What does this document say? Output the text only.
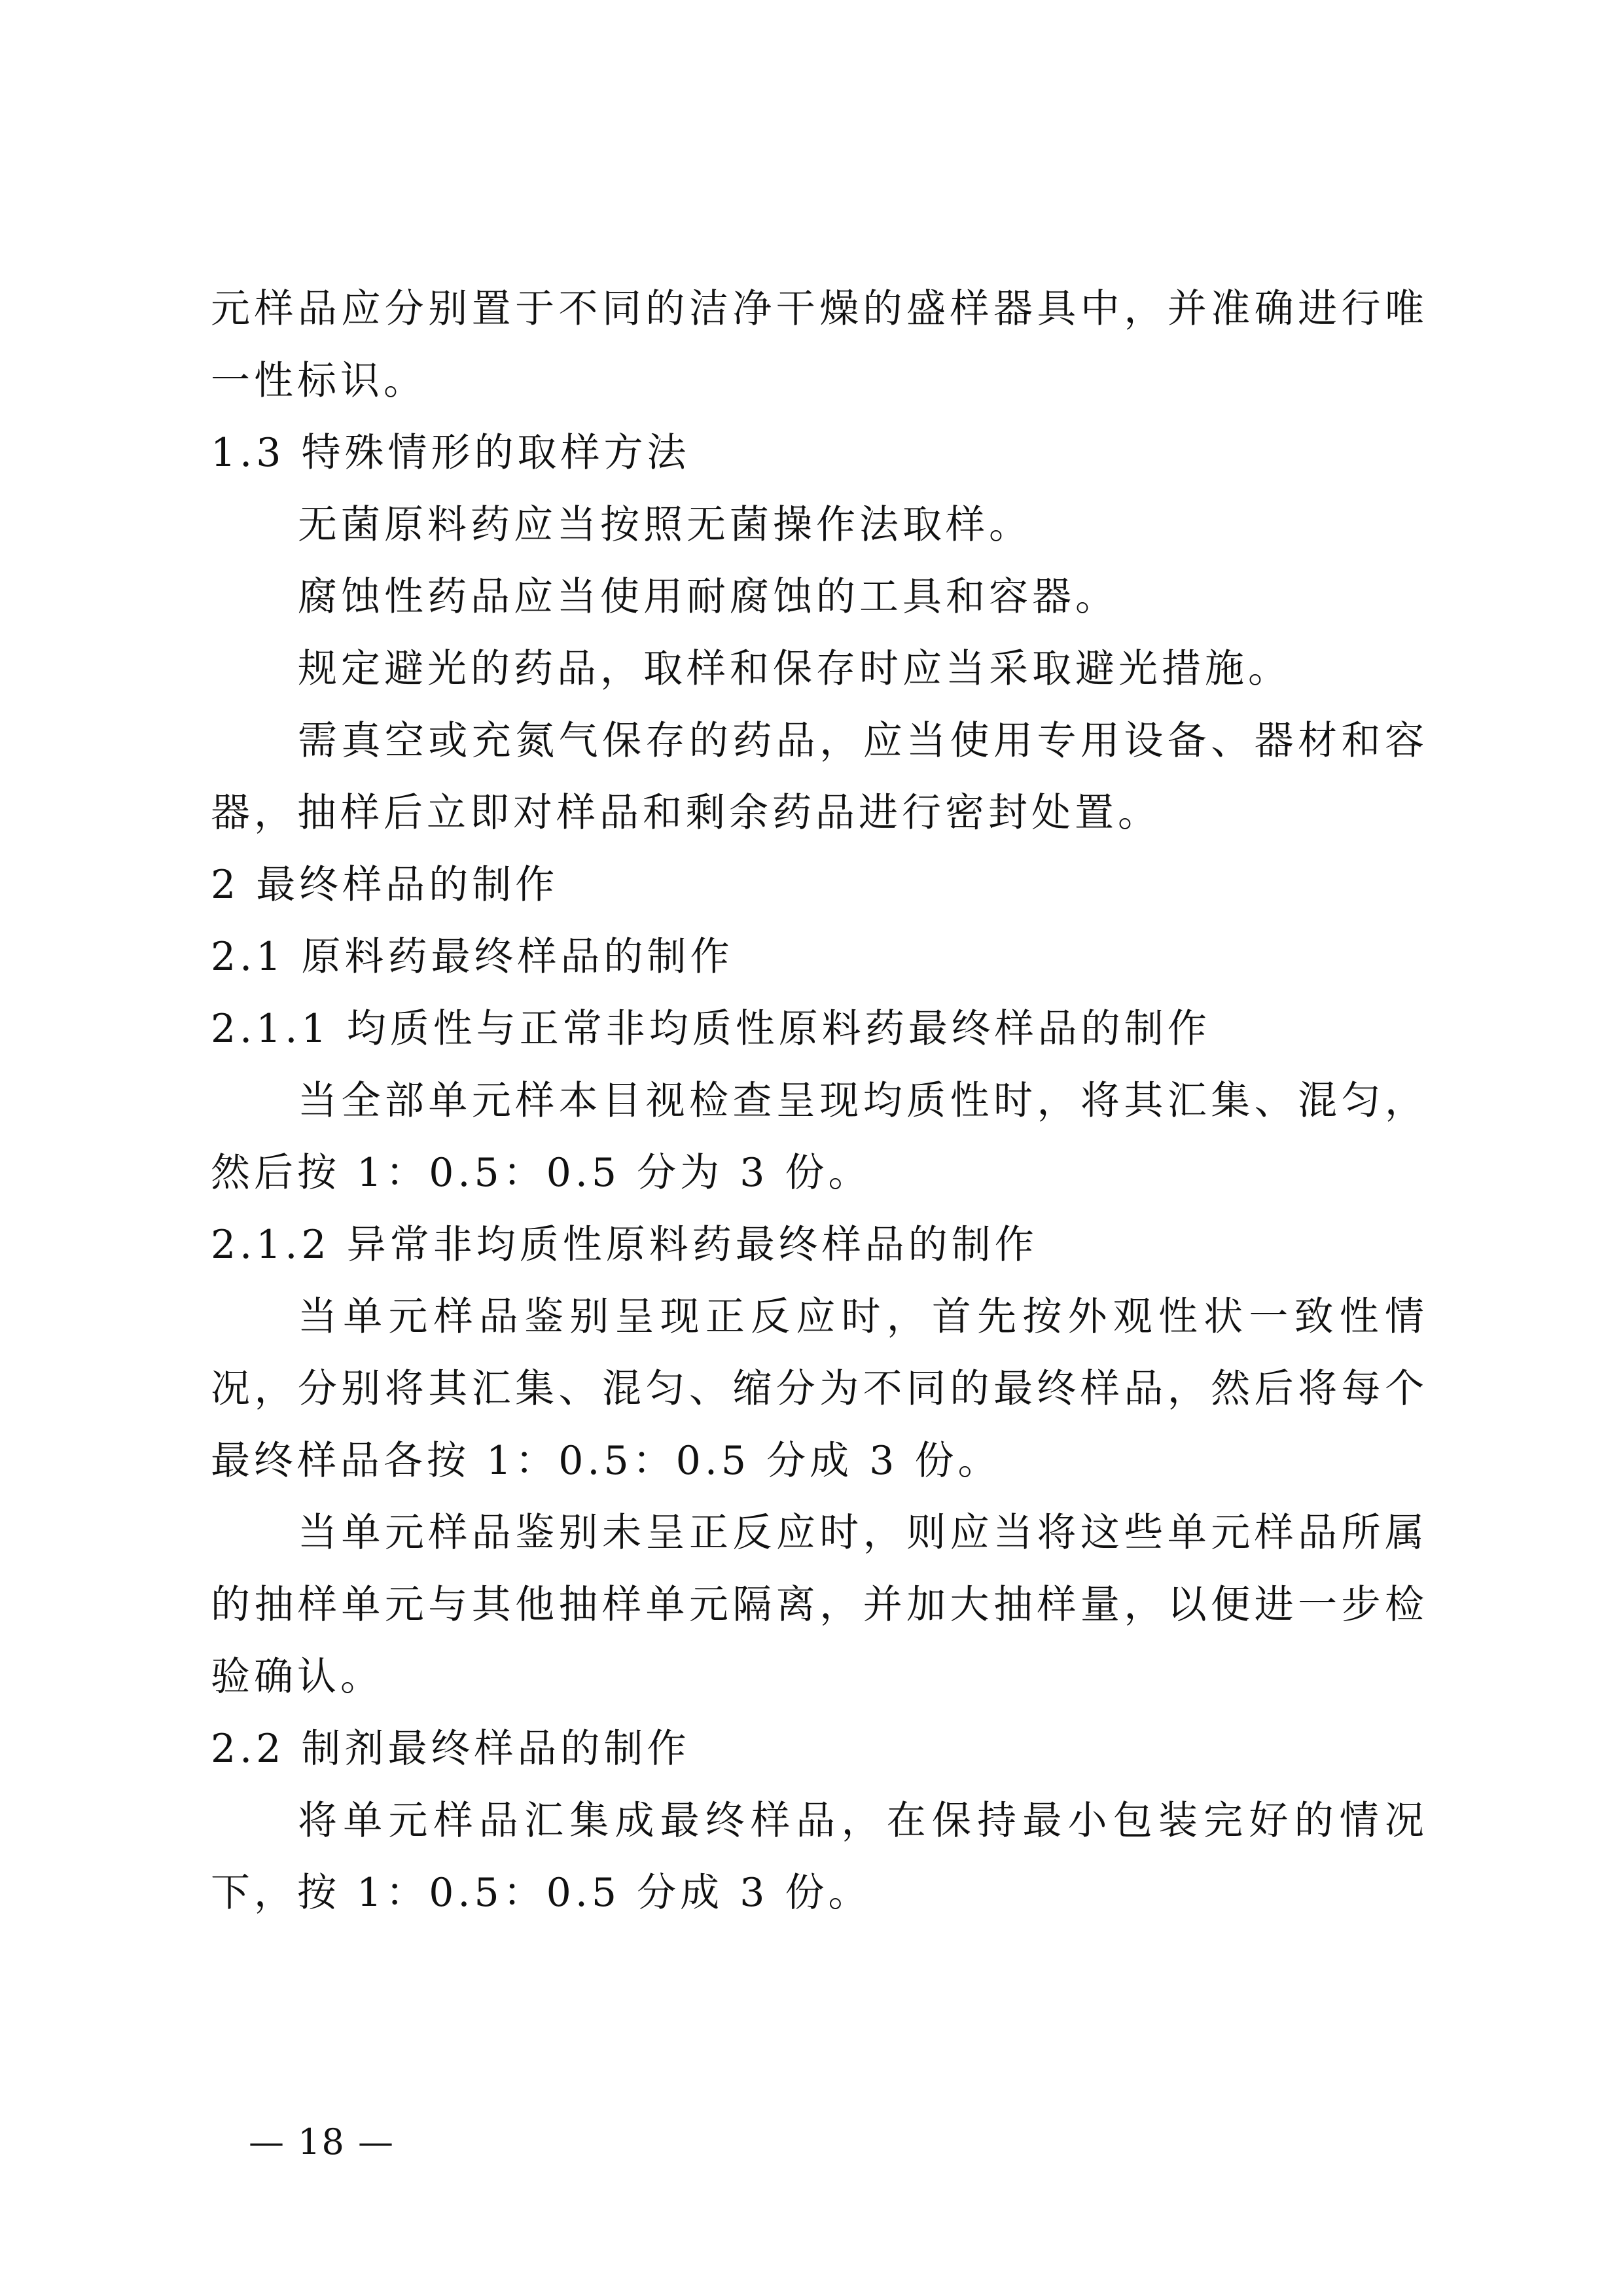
元样品应分别置于不同的洁净干燥的盛样器具中，并准确进行唯
一性标识。
1.3 特殊情形的取样方法
无菌原料药应当按照无菌操作法取样。
腐蚀性药品应当使用耐腐蚀的工具和容器。
规定避光的药品，取样和保存时应当采取避光措施。
需真空或充氮气保存的药品，应当使用专用设备、器材和容
器，抽样后立即对样品和剩余药品进行密封处置。
2 最终样品的制作
2.1 原料药最终样品的制作
2.1.1 均质性与正常非均质性原料药最终样品的制作
当全部单元样本目视检查呈现均质性时，将其汇集、混匀，
然后按 1：0.5：0.5 分为 3 份。
2.1.2 异常非均质性原料药最终样品的制作
当单元样品鉴别呈现正反应时，首先按外观性状一致性情
况，分别将其汇集、混匀、缩分为不同的最终样品，然后将每个
最终样品各按 1：0.5：0.5 分成 3 份。
当单元样品鉴别未呈正反应时，则应当将这些单元样品所属
的抽样单元与其他抽样单元隔离，并加大抽样量，以便进一步检
验确认。
2.2 制剂最终样品的制作
将单元样品汇集成最终样品，在保持最小包装完好的情况
下，按 1：0.5：0.5 分成 3 份。
— 18 —
